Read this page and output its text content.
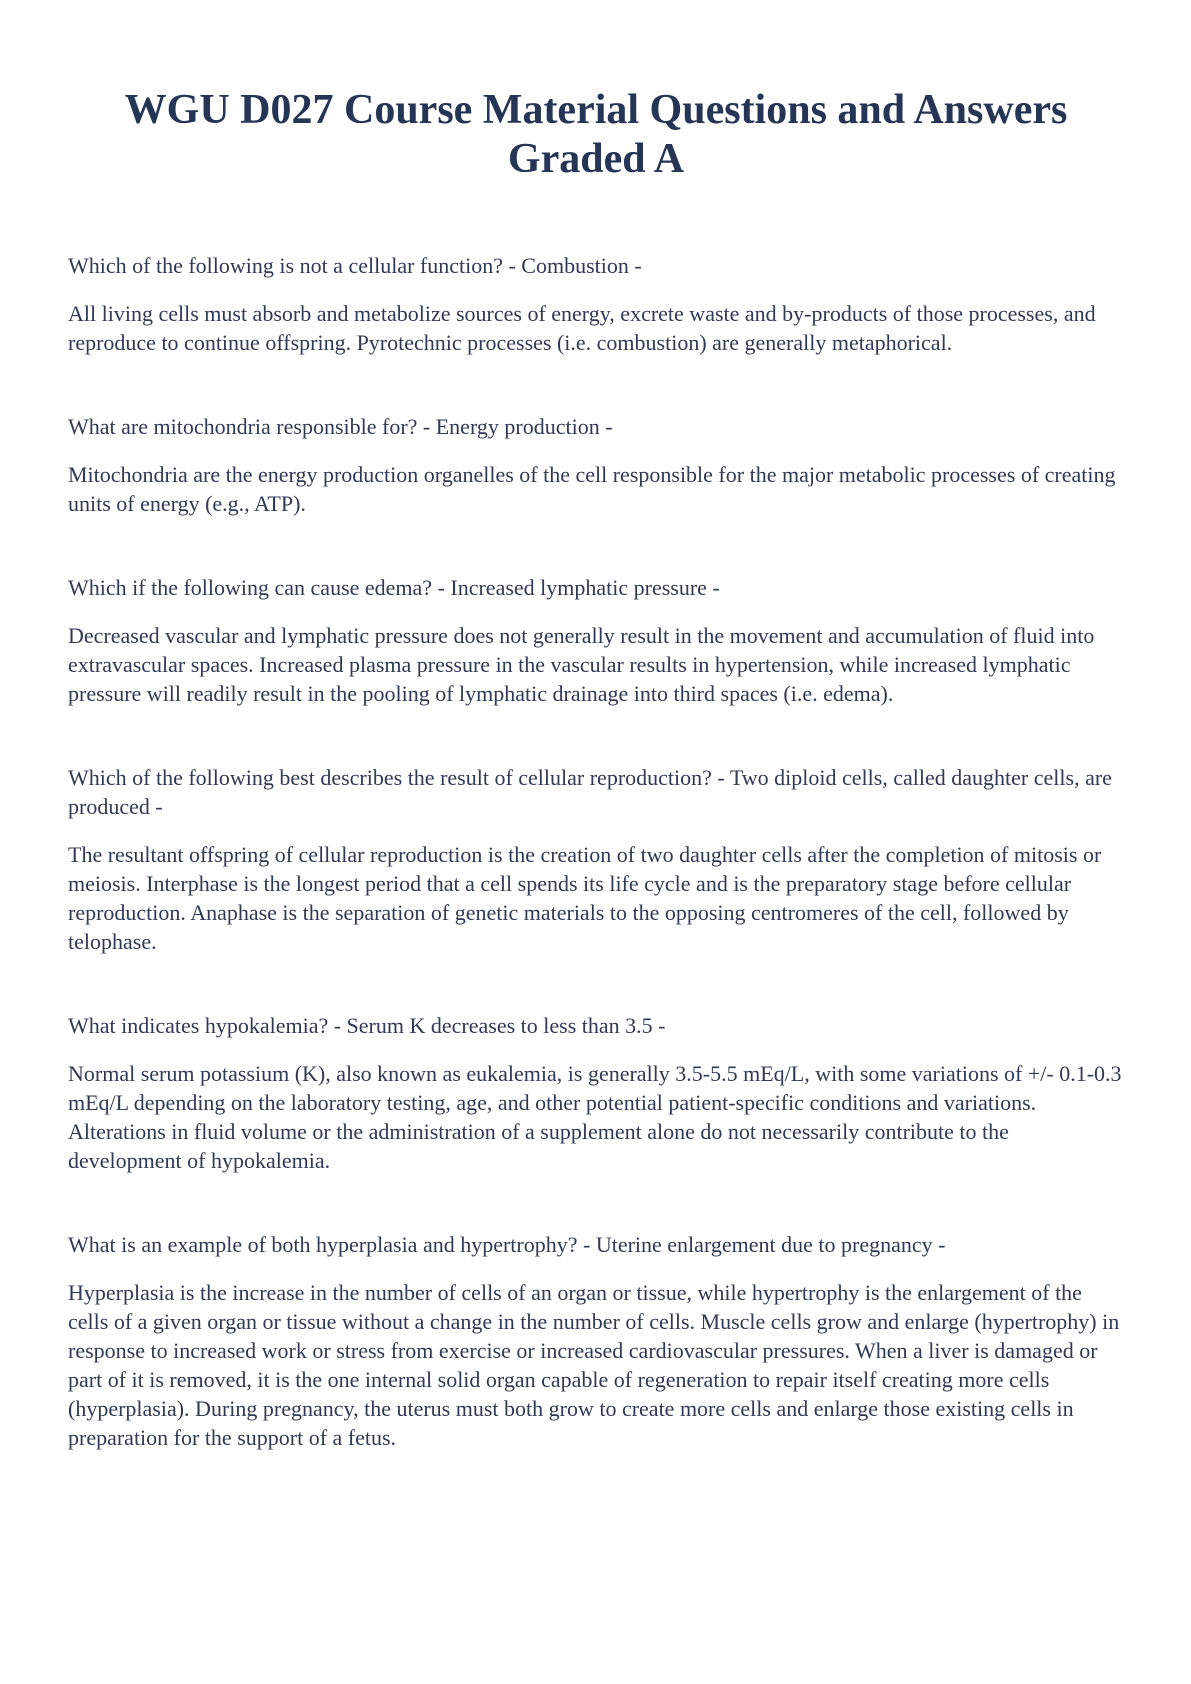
WGU D027 Course Material Questions and Answers Graded A

Which of the following is not a cellular function? - Combustion -

All living cells must absorb and metabolize sources of energy, excrete waste and by-products of those processes, and reproduce to continue offspring. Pyrotechnic processes (i.e. combustion) are generally metaphorical.

What are mitochondria responsible for? - Energy production -

Mitochondria are the energy production organelles of the cell responsible for the major metabolic processes of creating units of energy (e.g., ATP).

Which if the following can cause edema? - Increased lymphatic pressure -

Decreased vascular and lymphatic pressure does not generally result in the movement and accumulation of fluid into extravascular spaces. Increased plasma pressure in the vascular results in hypertension, while increased lymphatic pressure will readily result in the pooling of lymphatic drainage into third spaces (i.e. edema).

Which of the following best describes the result of cellular reproduction? - Two diploid cells, called daughter cells, are produced -

The resultant offspring of cellular reproduction is the creation of two daughter cells after the completion of mitosis or meiosis. Interphase is the longest period that a cell spends its life cycle and is the preparatory stage before cellular reproduction. Anaphase is the separation of genetic materials to the opposing centromeres of the cell, followed by telophase.

What indicates hypokalemia? - Serum K decreases to less than 3.5 -

Normal serum potassium (K), also known as eukalemia, is generally 3.5-5.5 mEq/L, with some variations of +/- 0.1-0.3 mEq/L depending on the laboratory testing, age, and other potential patient-specific conditions and variations. Alterations in fluid volume or the administration of a supplement alone do not necessarily contribute to the development of hypokalemia.

What is an example of both hyperplasia and hypertrophy? - Uterine enlargement due to pregnancy -

Hyperplasia is the increase in the number of cells of an organ or tissue, while hypertrophy is the enlargement of the cells of a given organ or tissue without a change in the number of cells. Muscle cells grow and enlarge (hypertrophy) in response to increased work or stress from exercise or increased cardiovascular pressures. When a liver is damaged or part of it is removed, it is the one internal solid organ capable of regeneration to repair itself creating more cells (hyperplasia). During pregnancy, the uterus must both grow to create more cells and enlarge those existing cells in preparation for the support of a fetus.
